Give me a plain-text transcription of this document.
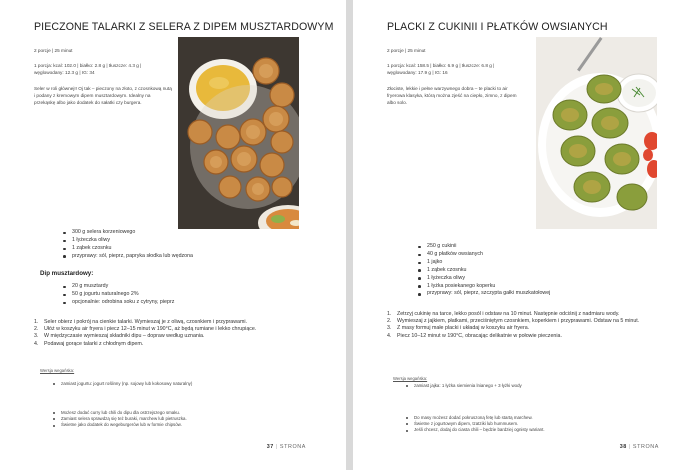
PIECZONE TALARKI Z SELERA Z DIPEM MUSZTARDOWYM
2 porcje | 25 minut
1 porcja: kcal: 102.0 | białko: 2.8 g | tłuszcze: 4.3 g | węglowodany: 12.3 g | IG: 34
Seler w roli głównej!! Oj tak – pieczony na złoto, z czosnkową nutą i podany z kremowym dipem musztardowym. Idealny na przekąskę albo jako dodatek do sałatki czy burgera.
300 g selera korzeniowego
1 łyżeczka oliwy
1 ząbek czosnku
przyprawy: sól, pieprz, papryka słodka lub wędzona
Dip musztardowy:
20 g musztardy
50 g jogurtu naturalnego 2%
opcjonalnie: odrobina soku z cytryny, pieprz
1. Seler obierz i pokrój na cienkie talarki. Wymieszaj je z oliwą, czosnkiem i przyprawami.
2. Ułóż w koszyku air fryera i piecz 12–15 minut w 190°C, aż będą rumiane i lekko chrupiące.
3. W międzyczasie wymieszaj składniki dipu – dopraw według uznania.
4. Podawaj gorące talarki z chłodnym dipem.
Wersja wegańska:
zamiast jogurtu: jogurt roślinny (np. sojowy lub kokosowy naturalny)
Możesz dodać curry lub chili do dipu dla ostrzejszego smaku.
Zamiast selera sprawdzą się też buraki, marchew lub pietruszka.
Świetne jako dodatek do wegeburgerów lub w formie chipsów.
37 | STRONA
PLACKI Z CUKINII I PŁATKÓW OWSIANYCH
2 porcje | 25 minut
1 porcja: kcal: 158.5 | białko: 6.9 g | tłuszcze: 6.8 g | węglowodany: 17.9 g | IG: 16
Złociste, lekkie i pełne warzywnego dobra – te placki to air fryerowa klasyka, którą można zjeść na ciepło, zimno, z dipem albo solo.
250 g cukinii
40 g płatków owsianych
1 jajko
1 ząbek czosnku
1 łyżeczka oliwy
1 łyżka posiekanego koperku
przyprawy: sól, pieprz, szczypta gałki muszkatołowej
1. Zetrzyj cukinię na tarce, lekko posól i odstaw na 10 minut. Następnie odciśnij z nadmiaru wody.
2. Wymieszaj z jajkiem, płatkami, przeciśniętym czosnkiem, koperkiem i przyprawami. Odstaw na 5 minut.
3. Z masy formuj małe placki i układaj w koszyku air fryera.
4. Piecz 10–12 minut w 190°C, obracając delikatnie w połowie pieczenia.
Wersja wegańska:
zamiast jajka: 1 łyżka siemienia lnianego + 3 łyżki wody
Do masy możesz dodać pokruszoną fetę lub startą marchew.
Świetne z jogurtowym dipem, tzatziki lub hummusem.
Jeśli chcesz, dodaj do ciasta chili – będzie bardziej ognisty wariant.
38 | STRONA
